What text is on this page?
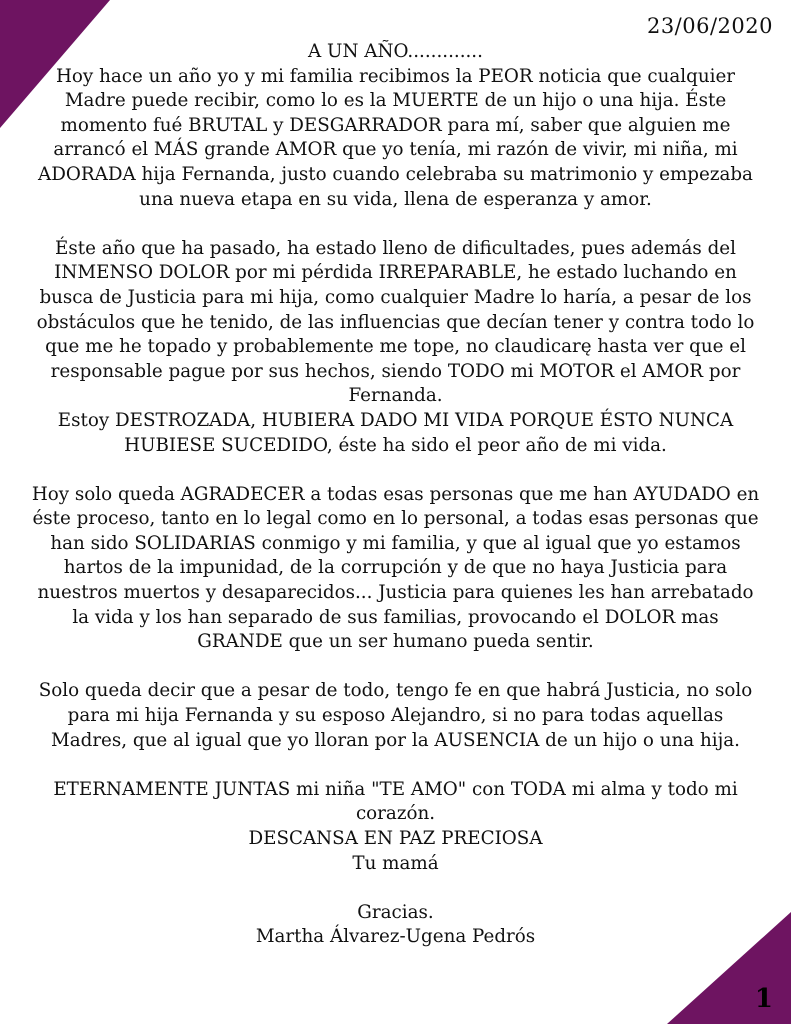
23/06/2020

A UN AÑO.............

Hoy hace un año yo y mi familia recibimos la PEOR noticia que cualquier Madre puede recibir, como lo es la MUERTE de un hijo o una hija. Éste momento fué BRUTAL y DESGARRADOR para mí, saber que alguien me arrancó el MÁS grande AMOR que yo tenía, mi razón de vivir, mi niña, mi ADORADA hija Fernanda, justo cuando celebraba su matrimonio y empezaba una nueva etapa en su vida, llena de esperanza y amor.

Éste año que ha pasado, ha estado lleno de dificultades, pues además del INMENSO DOLOR por mi pérdida IRREPARABLE, he estado luchando en busca de Justicia para mi hija, como cualquier Madre lo haría, a pesar de los obstáculos que he tenido, de las influencias que decían tener y contra todo lo que me he topado y probablemente me tope, no claudicarę hasta ver que el responsable pague por sus hechos, siendo TODO mi MOTOR el AMOR por Fernanda.

Estoy DESTROZADA, HUBIERA DADO MI VIDA PORQUE ÉSTO NUNCA HUBIESE SUCEDIDO, éste ha sido el peor año de mi vida.

Hoy solo queda AGRADECER a todas esas personas que me han AYUDADO en éste proceso, tanto en lo legal como en lo personal, a todas esas personas que han sido SOLIDARIAS conmigo y mi familia, y que al igual que yo estamos hartos de la impunidad, de la corrupción y de que no haya Justicia para nuestros muertos y desaparecidos... Justicia para quienes les han arrebatado la vida y los han separado de sus familias, provocando el DOLOR mas GRANDE que un ser humano pueda sentir.

Solo queda decir que a pesar de todo, tengo fe en que habrá Justicia, no solo para mi hija Fernanda y su esposo Alejandro, si no para todas aquellas Madres, que al igual que yo lloran por la AUSENCIA de un hijo o una hija.

ETERNAMENTE JUNTAS mi niña "TE AMO" con TODA mi alma y todo mi corazón.

DESCANSA EN PAZ PRECIOSA

Tu mamá

Gracias.

Martha Álvarez-Ugena Pedrós

1
